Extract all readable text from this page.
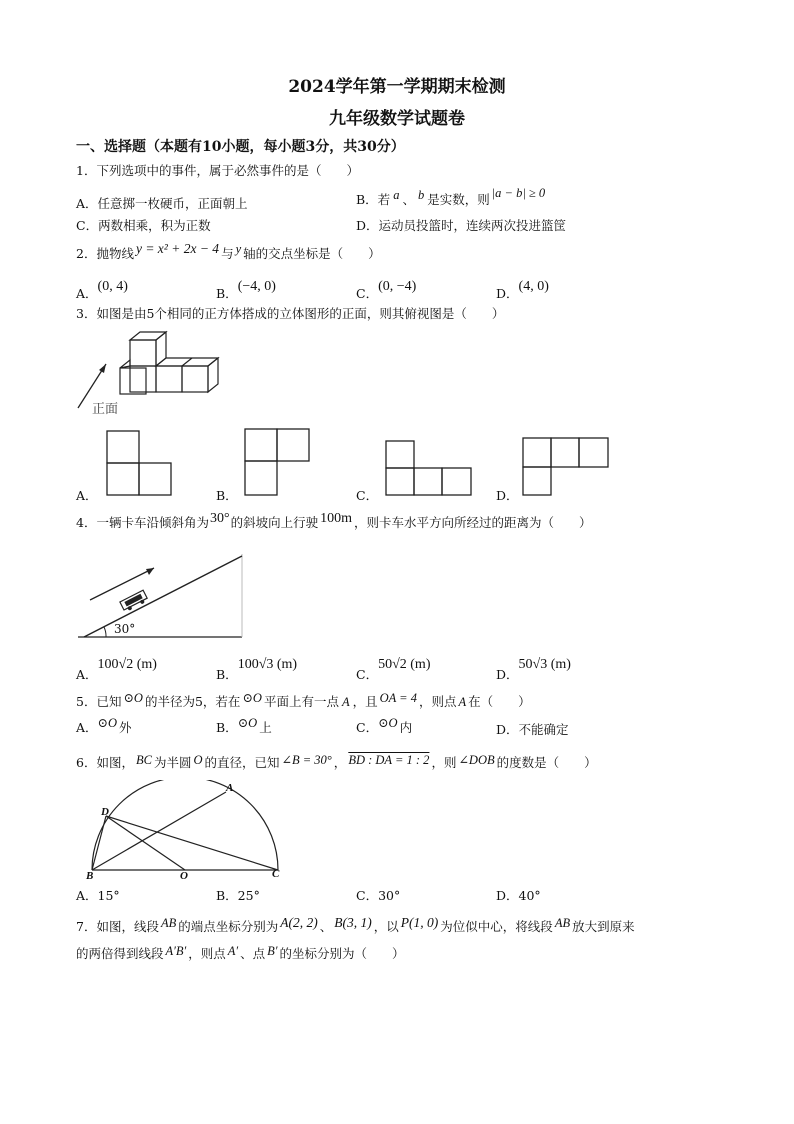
2024学年第一学期期末检测
九年级数学试题卷
一、选择题（本题有10小题，每小题3分，共30分）
1．下列选项中的事件，属于必然事件的是（　　）
A．任意掷一枚硬币，正面朝上	B．若 a 、 b 是实数，则 |a − b| ≥ 0
C．两数相乘，积为正数	D．运动员投篮时，连续两次投进篮筐
2．抛物线 y = x² + 2x − 4 与 y 轴的交点坐标是（　　）
A．(0, 4)	B．(−4, 0)	C．(0, −4)	D．(4, 0)
3．如图是由5个相同的正方体搭成的立体图形的正面，则其俯视图是（　　）
正面
A．	B．	C．	D．
4．一辆卡车沿倾斜角为30°的斜坡向上行驶 100m ，则卡车水平方向所经过的距离为（　　）
30°
A．100√2 (m)
B．100√3 (m)
C．50√2 (m)
D．50√3 (m)
5．已知 ⊙O 的半径为5，若在 ⊙O 平面上有一点 A ，且 OA = 4 ，则点 A 在（　　）
A．⊙O 外	B．⊙O 上	C．⊙O 内	D．不能确定
6．如图， BC 为半圆 O 的直径，已知 ∠B = 30° ， BD : DA = 1 : 2 ，则 ∠DOB 的度数是（　　）
D
A
B	O	C
A．15°	B．25°	C．30°	D．40°
7．如图，线段 AB 的端点坐标分别为 A(2, 2) 、 B(3, 1) ，以 P(1, 0) 为位似中心，将线段 AB 放大到原来
的两倍得到线段 A′B′ ，则点 A′ 、点 B′ 的坐标分别为（　　）
